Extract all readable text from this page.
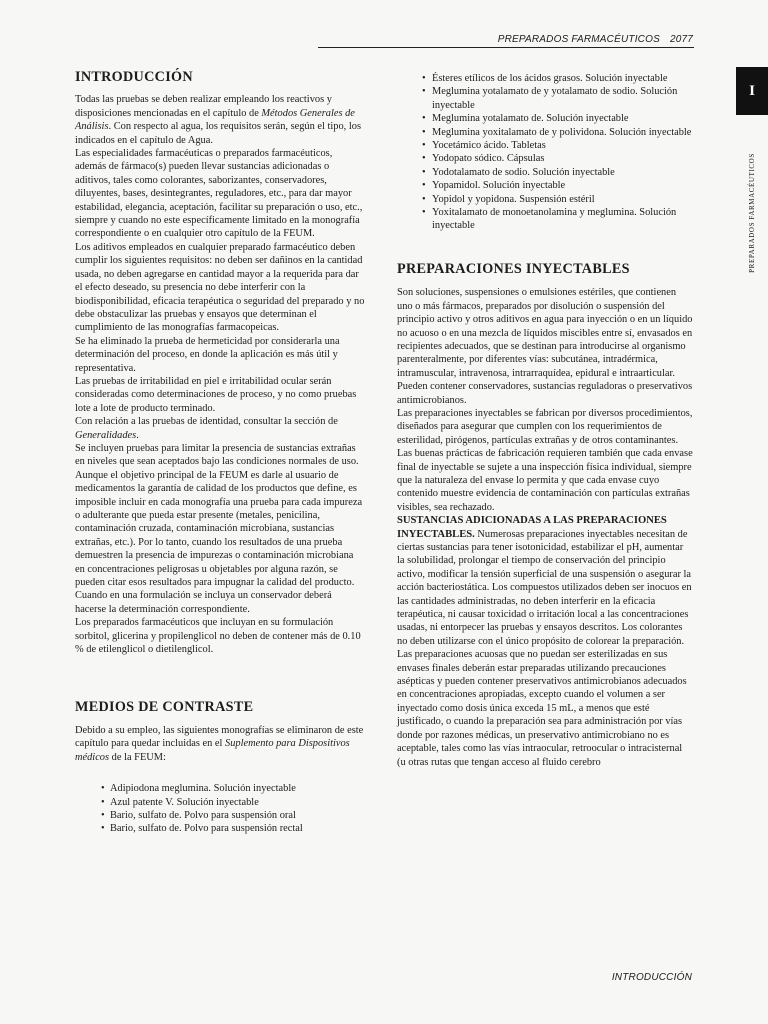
PREPARADOS FARMACÉUTICOS 2077
I
PREPARADOS FARMACÉUTICOS
INTRODUCCIÓN

Todas las pruebas se deben realizar empleando los reactivos y disposiciones mencionadas en el capítulo de Métodos Generales de Análisis. Con respecto al agua, los requisitos serán, según el tipo, los indicados en el capítulo de Agua.

Las especialidades farmacéuticas o preparados farmacéuticos, además de fármaco(s) pueden llevar sustancias adicionadas o aditivos, tales como colorantes, saborizantes, conservadores, diluyentes, bases, desintegrantes, reguladores, etc., para dar mayor estabilidad, elegancia, aceptación, facilitar su preparación o uso, etc., siempre y cuando no este específicamente limitado en la monografía correspondiente o en cualquier otro capítulo de la FEUM.

Los aditivos empleados en cualquier preparado farmacéutico deben cumplir los siguientes requisitos: no deben ser dañinos en la cantidad usada, no deben agregarse en cantidad mayor a la requerida para dar el efecto deseado, su presencia no debe interferir con la biodisponibilidad, eficacia terapéutica o seguridad del preparado y no debe obstaculizar las pruebas y ensayos que determinan el cumplimiento de las monografías farmacopeicas.

Se ha eliminado la prueba de hermeticidad por considerarla una determinación del proceso, en donde la aplicación es más útil y representativa.

Las pruebas de irritabilidad en piel e irritabilidad ocular serán consideradas como determinaciones de proceso, y no como pruebas lote a lote de producto terminado.

Con relación a las pruebas de identidad, consultar la sección de Generalidades.

Se incluyen pruebas para limitar la presencia de sustancias extrañas en niveles que sean aceptados bajo las condiciones normales de uso. Aunque el objetivo principal de la FEUM es darle al usuario de medicamentos la garantía de calidad de los productos que define, es imposible incluir en cada monografía una prueba para cada impureza o adulterante que pueda estar presente (metales, penicilina, contaminación cruzada, contaminación microbiana, sustancias extrañas, etc.). Por lo tanto, cuando los resultados de una prueba demuestren la presencia de impurezas o contaminación microbiana en concentraciones peligrosas u objetables por alguna razón, se pueden citar esos resultados para impugnar la calidad del producto.

Cuando en una formulación se incluya un conservador deberá hacerse la determinación correspondiente.

Los preparados farmacéuticos que incluyan en su formulación sorbitol, glicerina y propilenglicol no deben de contener más de 0.10 % de etilenglicol o dietilenglicol.

MEDIOS DE CONTRASTE

Debido a su empleo, las siguientes monografías se eliminaron de este capítulo para quedar incluidas en el Suplemento para Dispositivos médicos de la FEUM:

• Adipiodona meglumina. Solución inyectable
• Azul patente V. Solución inyectable
• Bario, sulfato de. Polvo para suspensión oral
• Bario, sulfato de. Polvo para suspensión rectal
• Ésteres etílicos de los ácidos grasos. Solución inyectable
• Meglumina yotalamato de y yotalamato de sodio. Solución inyectable
• Meglumina yotalamato de. Solución inyectable
• Meglumina yoxitalamato de y polividona. Solución inyectable
• Yocetámico ácido. Tabletas
• Yodopato sódico. Cápsulas
• Yodotalamato de sodio. Solución inyectable
• Yopamidol. Solución inyectable
• Yopidol y yopidona. Suspensión estéril
• Yoxitalamato de monoetanolamina y meglumina. Solución inyectable
PREPARACIONES INYECTABLES

Son soluciones, suspensiones o emulsiones estériles, que contienen uno o más fármacos, preparados por disolución o suspensión del principio activo y otros aditivos en agua para inyección o en un líquido no acuoso o en una mezcla de líquidos miscibles entre sí, envasados en recipientes adecuados, que se destinan para introducirse al organismo parenteralmente, por diferentes vías: subcutánea, intradérmica, intramuscular, intravenosa, intrarraquídea, epidural e intraarticular. Pueden contener conservadores, sustancias reguladoras o preservativos antimicrobianos.

Las preparaciones inyectables se fabrican por diversos procedimientos, diseñados para asegurar que cumplen con los requerimientos de esterilidad, pirógenos, partículas extrañas y de otros contaminantes. Las buenas prácticas de fabricación requieren también que cada envase final de inyectable se sujete a una inspección física individual, siempre que la naturaleza del envase lo permita y que cada envase cuyo contenido muestre evidencia de contaminación con partículas extrañas visibles, sea rechazado.

SUSTANCIAS ADICIONADAS A LAS PREPARACIONES INYECTABLES. Numerosas preparaciones inyectables necesitan de ciertas sustancias para tener isotonicidad, estabilizar el pH, aumentar la solubilidad, prolongar el tiempo de conservación del principio activo, modificar la tensión superficial de una suspensión o asegurar la acción bacteriostática. Los compuestos utilizados deben ser inocuos en las cantidades administradas, no deben interferir en la eficacia terapéutica, ni causar toxicidad o irritación local a las concentraciones usadas, ni entorpecer las pruebas y ensayos descritos. Los colorantes no deben utilizarse con el único propósito de colorear la preparación.

Las preparaciones acuosas que no puedan ser esterilizadas en sus envases finales deberán estar preparadas utilizando precauciones asépticas y pueden contener preservativos antimicrobianos adecuados en concentraciones apropiadas, excepto cuando el volumen a ser inyectado como dosis única exceda 15 mL, a menos que esté justificado, o cuando la preparación sea para administración por vías donde por razones médicas, un preservativo antimicrobiano no es aceptable, tales como las vías intraocular, retroocular o intracisternal (u otras rutas que tengan acceso al fluido cerebro

INTRODUCCIÓN
